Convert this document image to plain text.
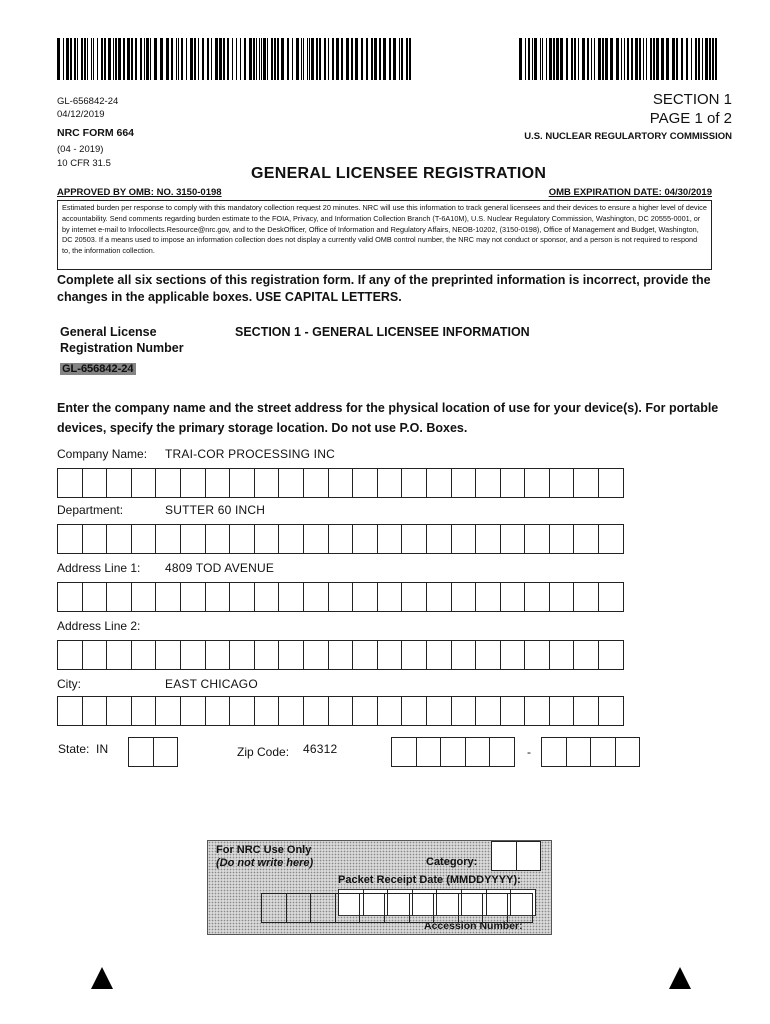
GL-656842-24
04/12/2019
NRC FORM 664
(04 - 2019)
10 CFR 31.5
SECTION 1
PAGE 1 of 2
U.S. NUCLEAR REGULARTORY COMMISSION
GENERAL LICENSEE REGISTRATION
APPROVED BY OMB: NO. 3150-0198	OMB EXPIRATION DATE: 04/30/2019
Estimated burden per response to comply with this mandatory collection request 20 minutes. NRC will use this information to track general licensees and their devices to ensure a higher level of device accountability. Send comments regarding burden estimate to the FOIA, Privacy, and Information Collection Branch (T-6A10M), U.S. Nuclear Regulatory Commission, Washington, DC 20555-0001, or by internet e-mail to Infocollects.Resource@nrc.gov, and to the DeskOfficer, Office of Information and Regulatory Affairs, NEOB-10202, (3150-0198), Office of Management and Budget, Washington, DC 20503. If a means used to impose an information collection does not display a currently valid OMB control number, the NRC may not conduct or sponsor, and a person is not required to respond to, the information collection.
Complete all six sections of this registration form. If any of the preprinted information is incorrect, provide the changes in the applicable boxes. USE CAPITAL LETTERS.
General License
Registration Number
GL-656842-24
SECTION 1 - GENERAL LICENSEE INFORMATION
Enter the company name and the street address for the physical location of use for your device(s). For portable devices, specify the primary storage location. Do not use P.O. Boxes.
Company Name: TRAI-COR PROCESSING INC
Department:	SUTTER 60 INCH
Address Line 1: 4809 TOD AVENUE
Address Line 2:
City:	EAST CHICAGO
State: IN	Zip Code: 46312	-
For NRC Use Only
(Do not write here)	Category:
Packet Receipt Date (MMDDYYYY):
Accession Number:
